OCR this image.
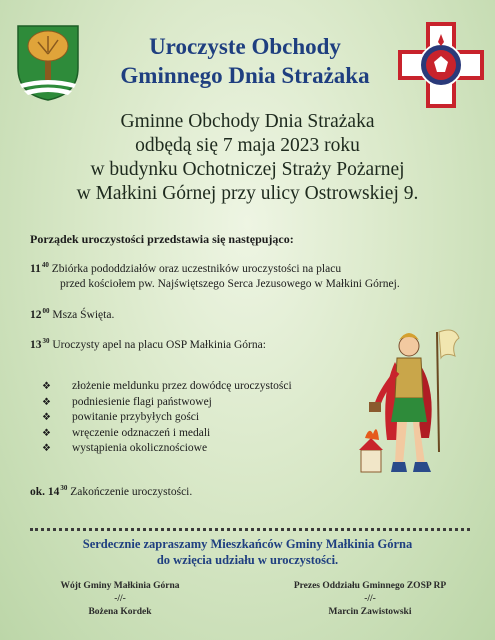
Uroczyste Obchody
Gminnego Dnia Strażaka
Gminne Obchody Dnia Strażaka
odbędą się 7 maja 2023 roku
w budynku Ochotniczej Straży Pożarnej
w Małkini Górnej przy ulicy Ostrowskiej 9.
Porządek uroczystości przedstawia się następująco:
$11^{40}$ Zbiórka pododdziałów oraz uczestników uroczystości na placu
przed kościołem pw. Najświętszego Serca Jezusowego w Małkini Górnej.
$12^{00}$ Msza Święta.
$13^{30}$ Uroczysty apel na placu OSP Małkinia Górna:
❖ złożenie meldunku przez dowódcę uroczystości
❖ podniesienie flagi państwowej
❖ powitanie przybyłych gości
❖ wręczenie odznaczeń i medali
❖ wystąpienia okolicznościowe
ok. $14^{30}$ Zakończenie uroczystości.
Serdecznie zapraszamy Mieszkańców Gminy Małkinia Górna
do wzięcia udziału w uroczystości.
Wójt Gminy Małkinia Górna
-//-
Bożena Kordek
Prezes Oddziału Gminnego ZOSP RP
-//-
Marcin Zawistowski
